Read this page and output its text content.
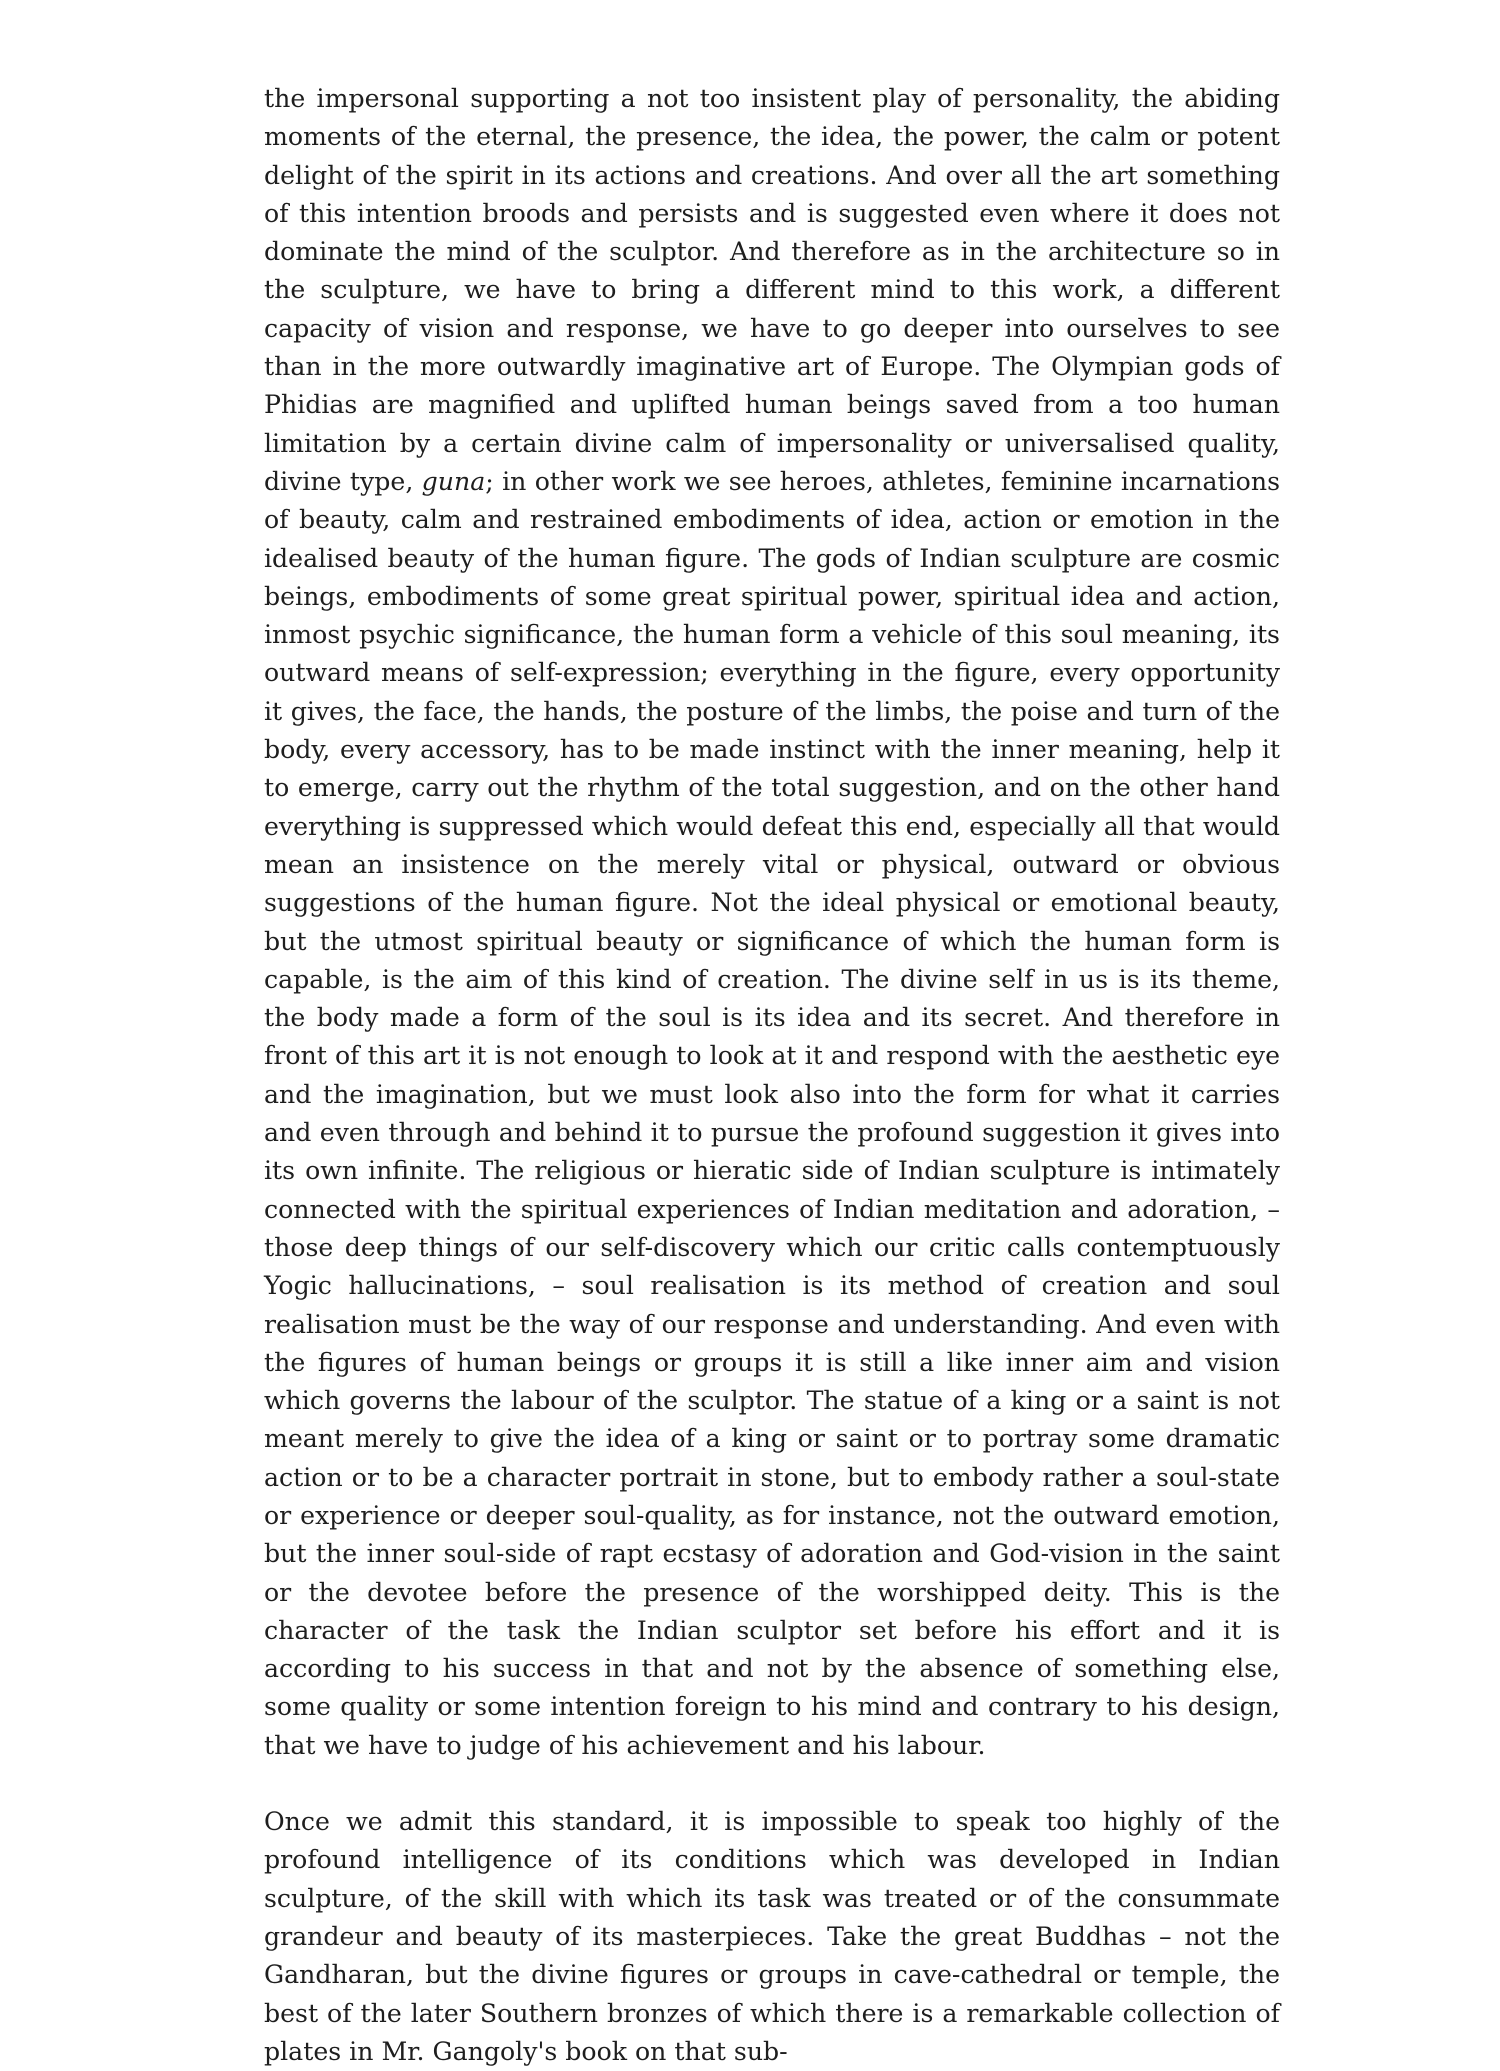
the impersonal supporting a not too insistent play of personality, the abiding moments of the eternal, the presence, the idea, the power, the calm or potent delight of the spirit in its actions and creations. And over all the art something of this intention broods and persists and is suggested even where it does not dominate the mind of the sculptor. And therefore as in the architecture so in the sculpture, we have to bring a different mind to this work, a different capacity of vision and response, we have to go deeper into ourselves to see than in the more outwardly imaginative art of Europe. The Olympian gods of Phidias are magnified and uplifted human beings saved from a too human limitation by a certain divine calm of impersonality or universalised quality, divine type, guna; in other work we see heroes, athletes, feminine incarnations of beauty, calm and restrained embodiments of idea, action or emotion in the idealised beauty of the human figure. The gods of Indian sculpture are cosmic beings, embodiments of some great spiritual power, spiritual idea and action, inmost psychic significance, the human form a vehicle of this soul meaning, its outward means of self-expression; everything in the figure, every opportunity it gives, the face, the hands, the posture of the limbs, the poise and turn of the body, every accessory, has to be made instinct with the inner meaning, help it to emerge, carry out the rhythm of the total suggestion, and on the other hand everything is suppressed which would defeat this end, especially all that would mean an insistence on the merely vital or physical, outward or obvious suggestions of the human figure. Not the ideal physical or emotional beauty, but the utmost spiritual beauty or significance of which the human form is capable, is the aim of this kind of creation. The divine self in us is its theme, the body made a form of the soul is its idea and its secret. And therefore in front of this art it is not enough to look at it and respond with the aesthetic eye and the imagination, but we must look also into the form for what it carries and even through and behind it to pursue the profound suggestion it gives into its own infinite. The religious or hieratic side of Indian sculpture is intimately connected with the spiritual experiences of Indian meditation and adoration, – those deep things of our self-discovery which our critic calls contemptuously Yogic hallucinations, – soul realisation is its method of creation and soul realisation must be the way of our response and understanding. And even with the figures of human beings or groups it is still a like inner aim and vision which governs the labour of the sculptor. The statue of a king or a saint is not meant merely to give the idea of a king or saint or to portray some dramatic action or to be a character portrait in stone, but to embody rather a soul-state or experience or deeper soul-quality, as for instance, not the outward emotion, but the inner soul-side of rapt ecstasy of adoration and God-vision in the saint or the devotee before the presence of the worshipped deity. This is the character of the task the Indian sculptor set before his effort and it is according to his success in that and not by the absence of something else, some quality or some intention foreign to his mind and contrary to his design, that we have to judge of his achievement and his labour.

Once we admit this standard, it is impossible to speak too highly of the profound intelligence of its conditions which was developed in Indian sculpture, of the skill with which its task was treated or of the consummate grandeur and beauty of its masterpieces. Take the great Buddhas – not the Gandharan, but the divine figures or groups in cave-cathedral or temple, the best of the later Southern bronzes of which there is a remarkable collection of plates in Mr. Gangoly's book on that sub-
